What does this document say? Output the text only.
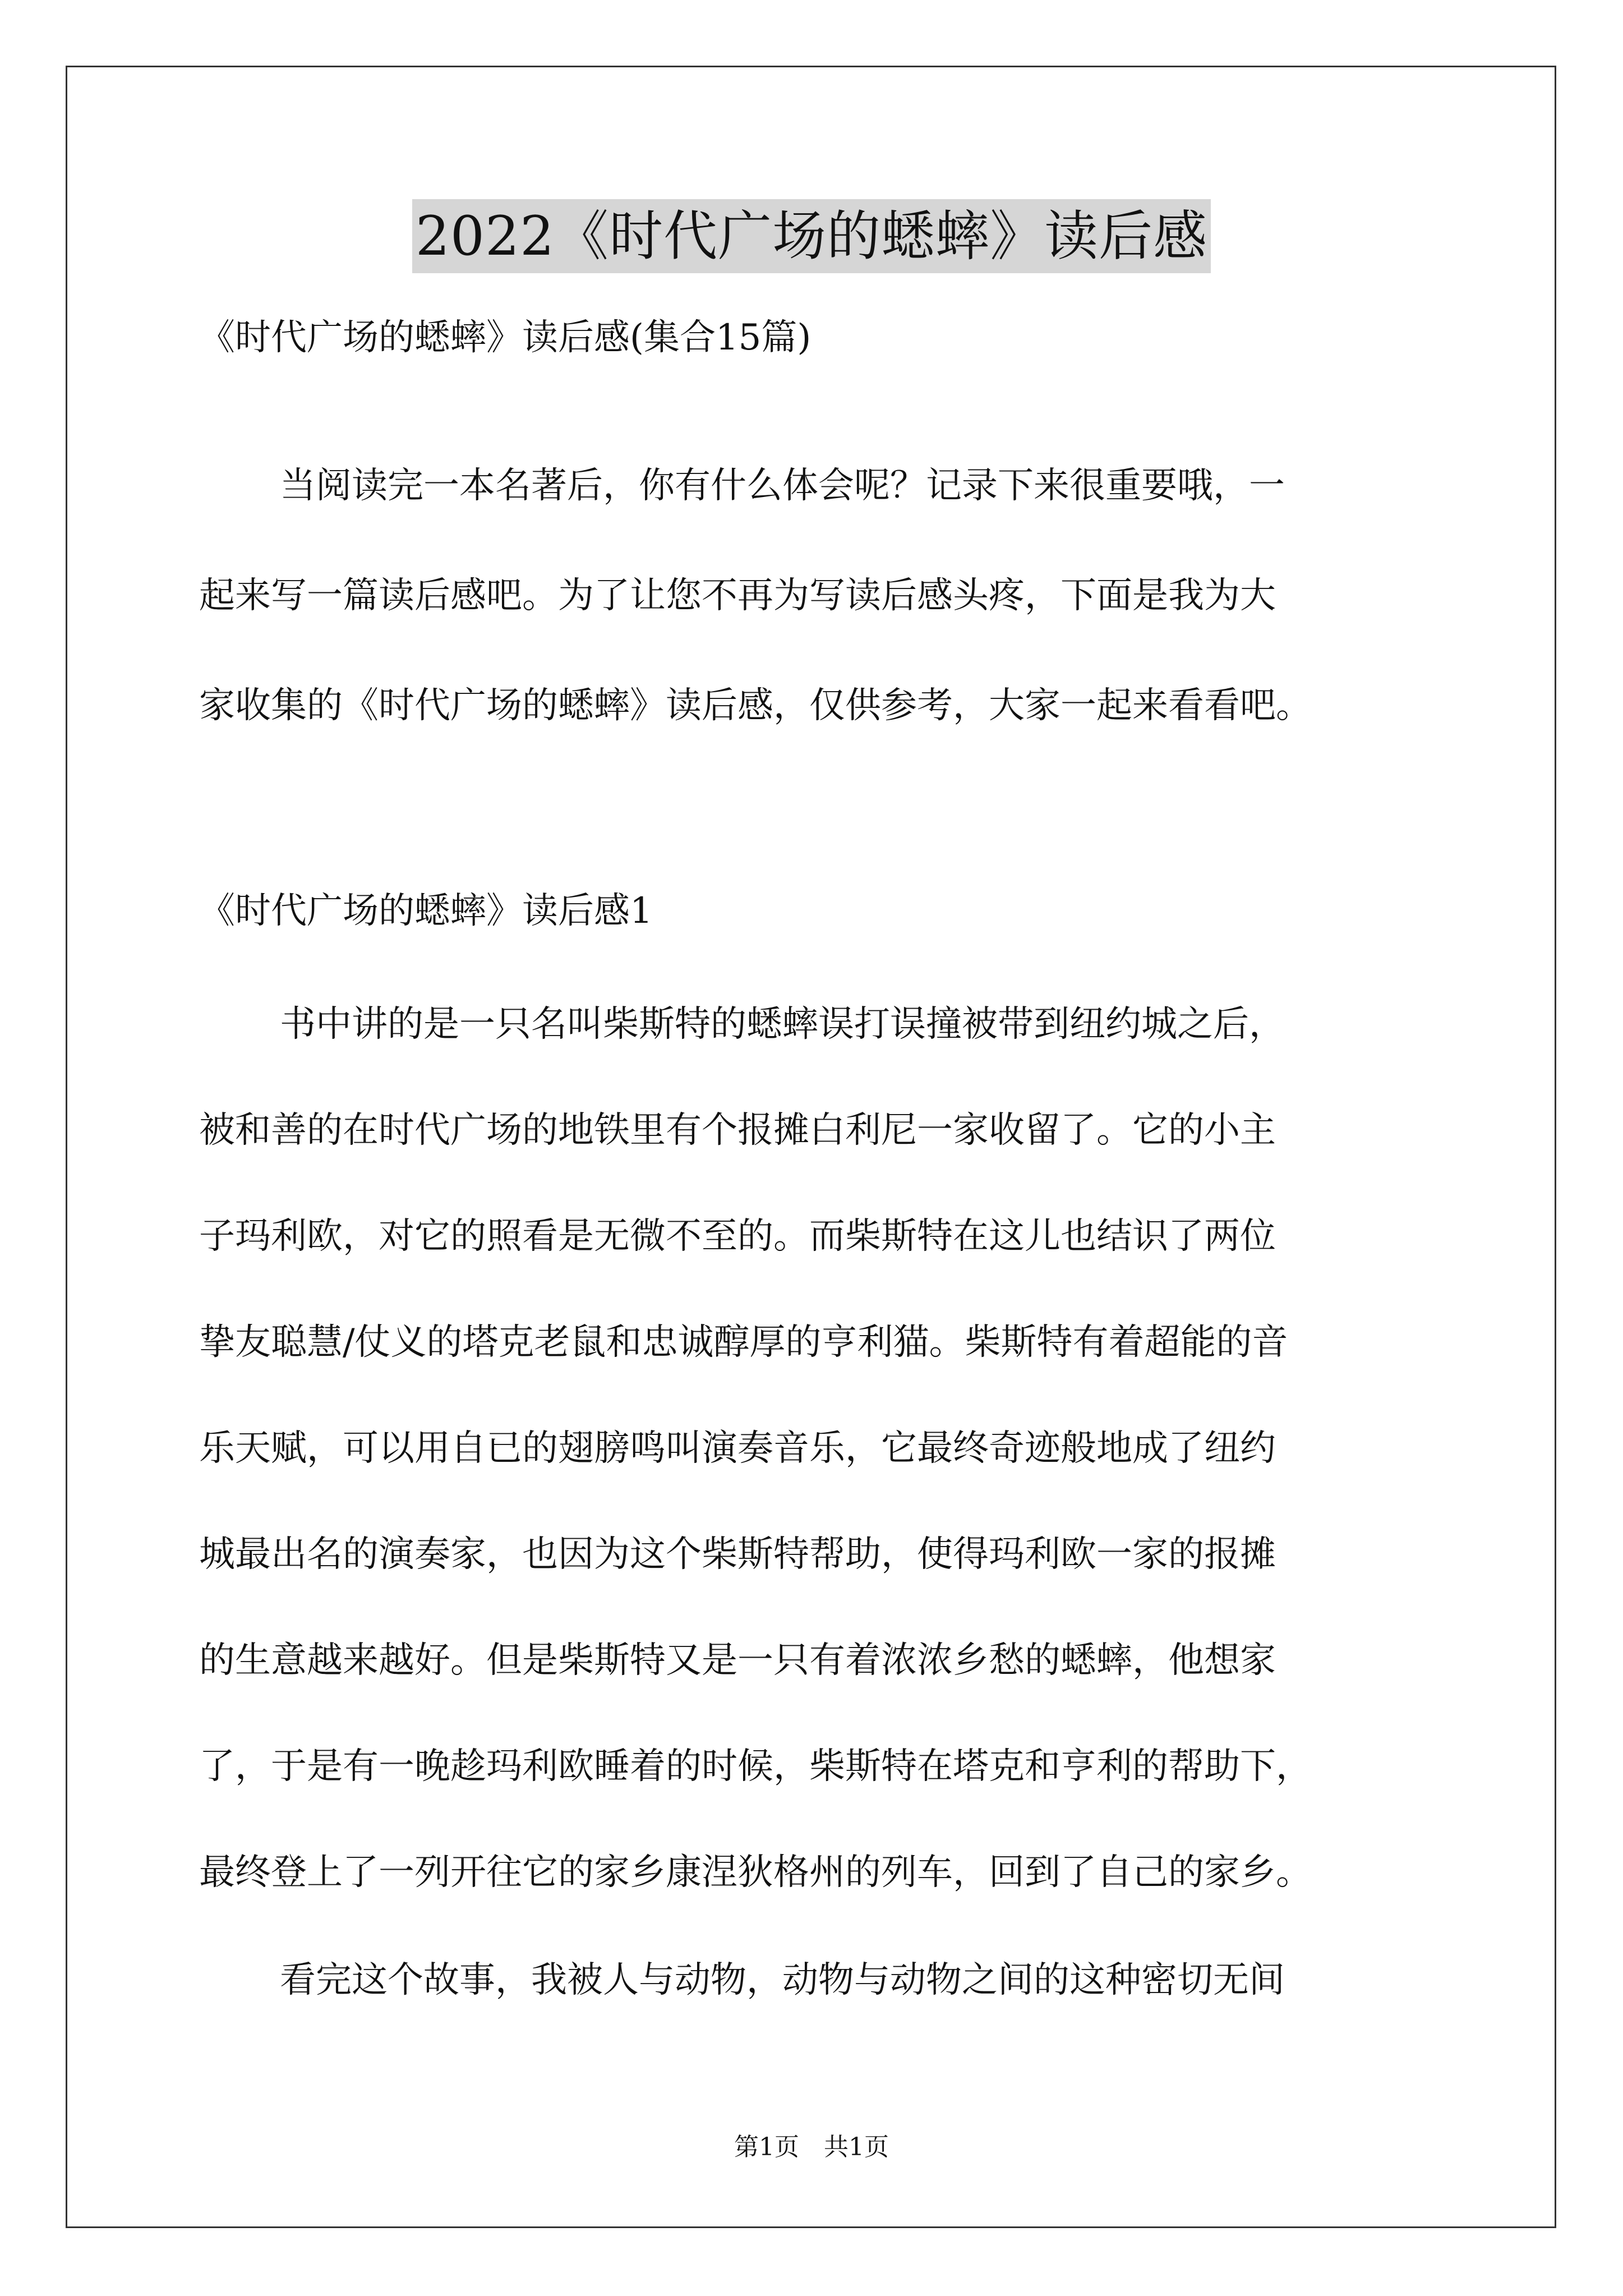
2022《时代广场的蟋蟀》读后感
《时代广场的蟋蟀》读后感(集合15篇)
当阅读完一本名著后，你有什么体会呢？记录下来很重要哦，一
起来写一篇读后感吧。为了让您不再为写读后感头疼，下面是我为大
家收集的《时代广场的蟋蟀》读后感，仅供参考，大家一起来看看吧。
《时代广场的蟋蟀》读后感1
书中讲的是一只名叫柴斯特的蟋蟀误打误撞被带到纽约城之后，
被和善的在时代广场的地铁里有个报摊白利尼一家收留了。它的小主
子玛利欧，对它的照看是无微不至的。而柴斯特在这儿也结识了两位
挚友聪慧/仗义的塔克老鼠和忠诚醇厚的亨利猫。柴斯特有着超能的音
乐天赋，可以用自已的翅膀鸣叫演奏音乐，它最终奇迹般地成了纽约
城最出名的演奏家，也因为这个柴斯特帮助，使得玛利欧一家的报摊
的生意越来越好。但是柴斯特又是一只有着浓浓乡愁的蟋蟀，他想家
了，于是有一晚趁玛利欧睡着的时候，柴斯特在塔克和亨利的帮助下，
最终登上了一列开往它的家乡康涅狄格州的列车，回到了自己的家乡。
看完这个故事，我被人与动物，动物与动物之间的这种密切无间
第1页　共1页
